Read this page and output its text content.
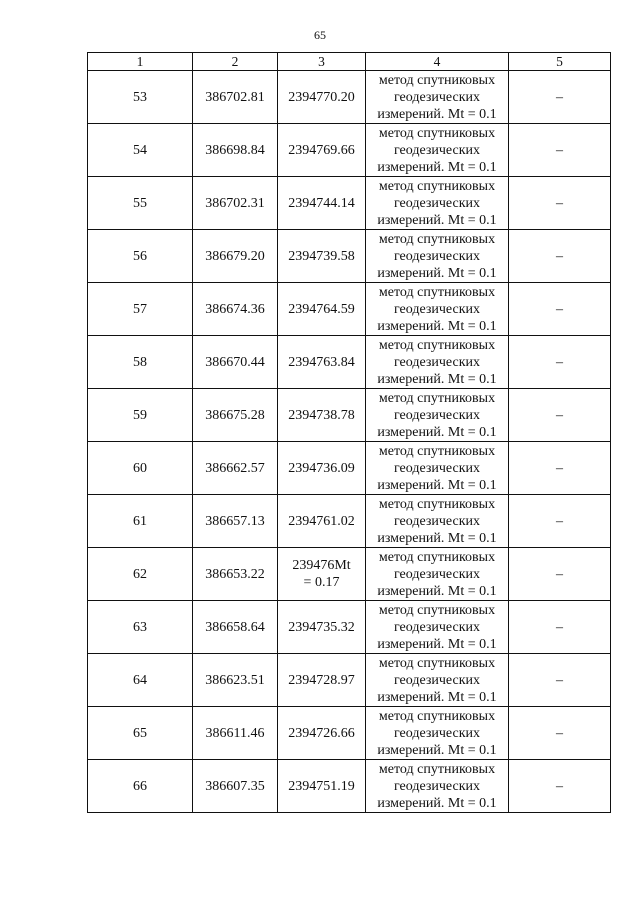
65
1	2	3	4	5
53	386702.81	2394770.20	метод спутниковых
геодезических
измерений. Mt = 0.1	–
54	386698.84	2394769.66	метод спутниковых
геодезических
измерений. Mt = 0.1	–
55	386702.31	2394744.14	метод спутниковых
геодезических
измерений. Mt = 0.1	–
56	386679.20	2394739.58	метод спутниковых
геодезических
измерений. Mt = 0.1	–
57	386674.36	2394764.59	метод спутниковых
геодезических
измерений. Mt = 0.1	–
58	386670.44	2394763.84	метод спутниковых
геодезических
измерений. Mt = 0.1	–
59	386675.28	2394738.78	метод спутниковых
геодезических
измерений. Mt = 0.1	–
60	386662.57	2394736.09	метод спутниковых
геодезических
измерений. Mt = 0.1	–
61	386657.13	2394761.02	метод спутниковых
геодезических
измерений. Mt = 0.1	–
62	386653.22	239476Mt
= 0.17	метод спутниковых
геодезических
измерений. Mt = 0.1	–
63	386658.64	2394735.32	метод спутниковых
геодезических
измерений. Mt = 0.1	–
64	386623.51	2394728.97	метод спутниковых
геодезических
измерений. Mt = 0.1	–
65	386611.46	2394726.66	метод спутниковых
геодезических
измерений. Mt = 0.1	–
66	386607.35	2394751.19	метод спутниковых
геодезических
измерений. Mt = 0.1	–
